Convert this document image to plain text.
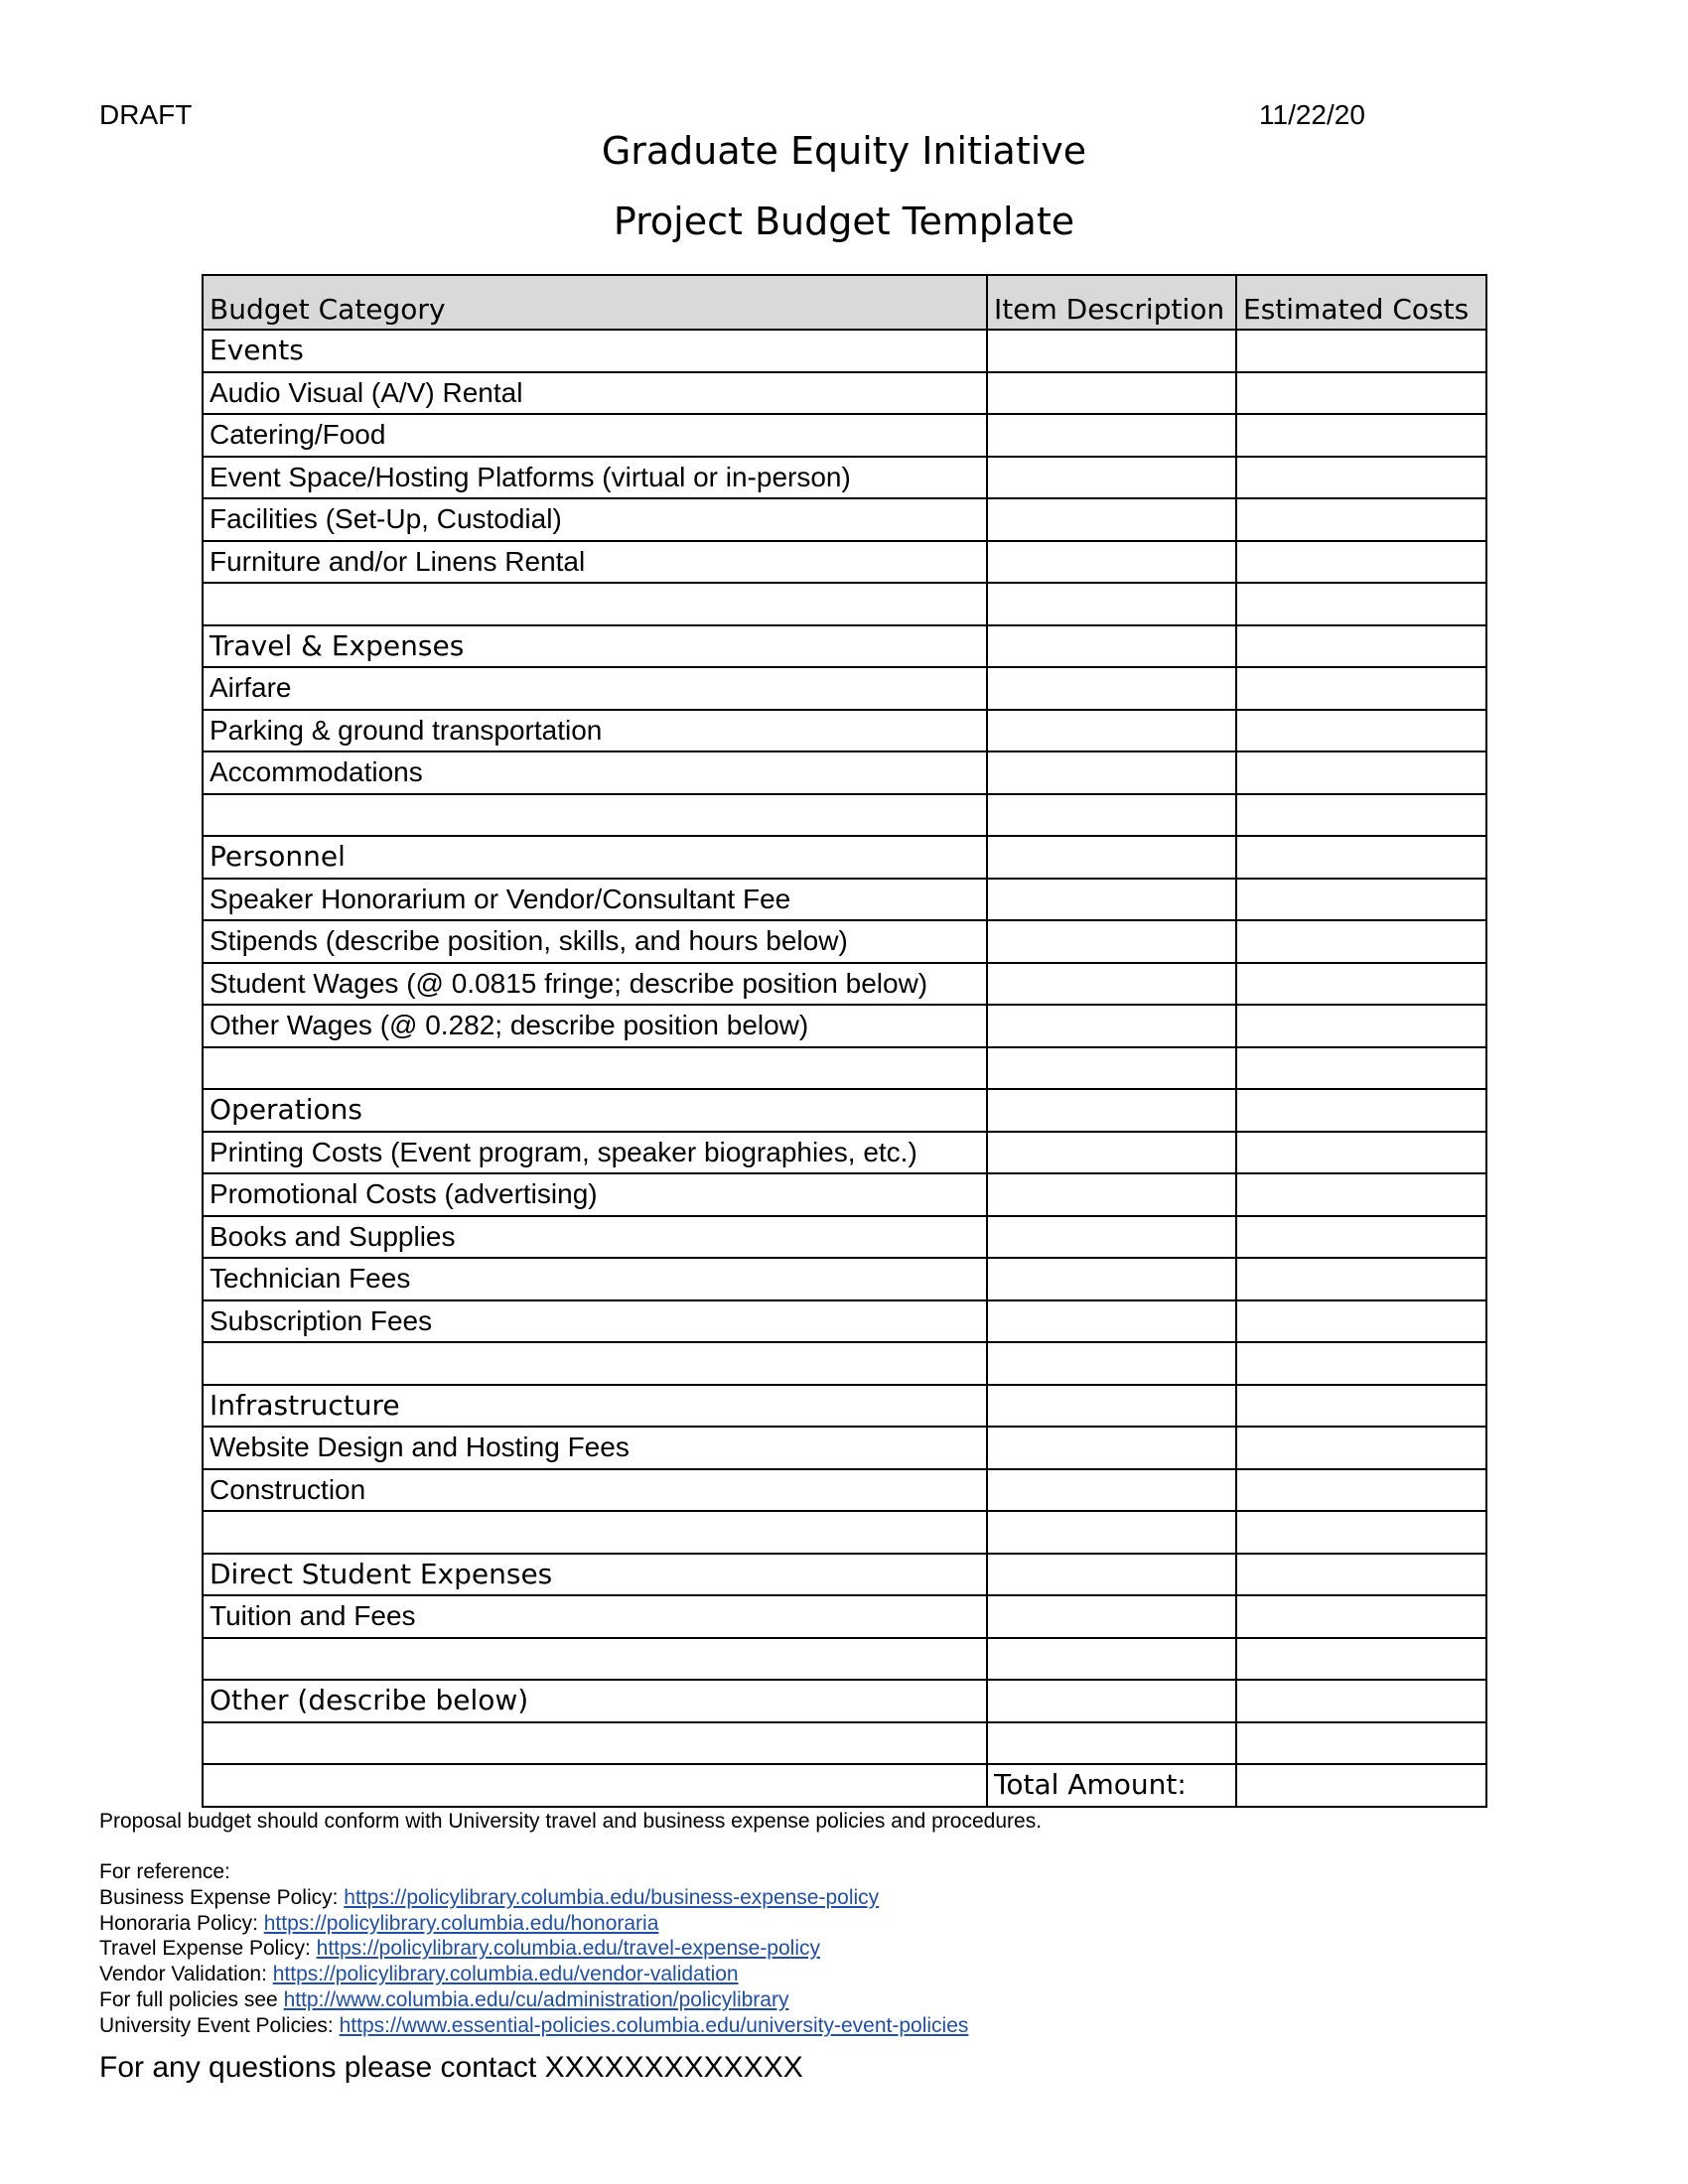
DRAFT	11/22/20
Graduate Equity Initiative
Project Budget Template
Budget Category	Item Description	Estimated Costs
Events		
Audio Visual (A/V) Rental		
Catering/Food		
Event Space/Hosting Platforms (virtual or in-person)		
Facilities (Set-Up, Custodial)		
Furniture and/or Linens Rental		

Travel & Expenses		
Airfare		
Parking & ground transportation		
Accommodations		

Personnel		
Speaker Honorarium or Vendor/Consultant Fee		
Stipends (describe position, skills, and hours below)		
Student Wages (@ 0.0815 fringe; describe position below)		
Other Wages (@ 0.282; describe position below)		

Operations		
Printing Costs (Event program, speaker biographies, etc.)		
Promotional Costs (advertising)		
Books and Supplies		
Technician Fees		
Subscription Fees		

Infrastructure		
Website Design and Hosting Fees		
Construction		

Direct Student Expenses		
Tuition and Fees		

Other (describe below)		

	Total Amount:	
Proposal budget should conform with University travel and business expense policies and procedures.
For reference:
Business Expense Policy: https://policylibrary.columbia.edu/business-expense-policy
Honoraria Policy: https://policylibrary.columbia.edu/honoraria
Travel Expense Policy: https://policylibrary.columbia.edu/travel-expense-policy
Vendor Validation: https://policylibrary.columbia.edu/vendor-validation
For full policies see http://www.columbia.edu/cu/administration/policylibrary
University Event Policies: https://www.essential-policies.columbia.edu/university-event-policies
For any questions please contact XXXXXXXXXXXXX
